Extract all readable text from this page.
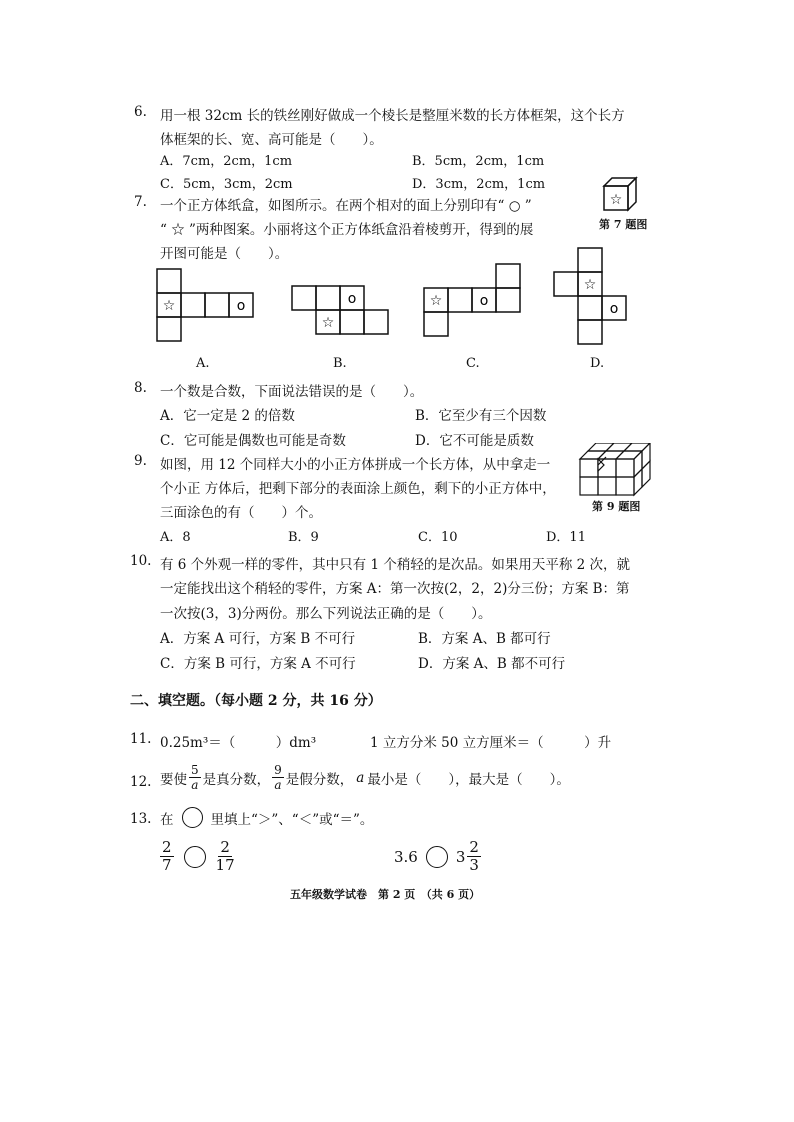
6. 用一根 32cm 长的铁丝刚好做成一个棱长是整厘米数的长方体框架，这个长方
体框架的长、宽、高可能是（　　）。
A．7cm，2cm，1cm	B．5cm，2cm，1cm
C．5cm，3cm，2cm	D．3cm，2cm，1cm
7. 一个正方体纸盒，如图所示。在两个相对的面上分别印有“ ○ ”
“ ☆ ”两种图案。小丽将这个正方体纸盒沿着棱剪开，得到的展
开图可能是（　　）。
☆
第 7 题图
☆	o
A.
o
☆
B.
☆	o
C.
☆
o
D.
8. 一个数是合数，下面说法错误的是（　　）。
A．它一定是 2 的倍数	B．它至少有三个因数
C．它可能是偶数也可能是奇数	D．它不可能是质数
9. 如图，用 12 个同样大小的小正方体拼成一个长方体，从中拿走一
个小正 方体后，把剩下部分的表面涂上颜色，剩下的小正方体中，
三面涂色的有（　　）个。	第 9 题图
A．8	B．9	C．10	D．11
10. 有 6 个外观一样的零件，其中只有 1 个稍轻的是次品。如果用天平称 2 次，就
一定能找出这个稍轻的零件，方案 A：第一次按(2，2，2)分三份；方案 B：第
一次按(3，3)分两份。那么下列说法正确的是（　　）。
A．方案 A 可行，方案 B 不可行	B．方案 A、B 都可行
C．方案 B 可行，方案 A 不可行	D．方案 A、B 都不可行
二、填空题。（每小题 2 分，共 16 分）
11. 0.25m³＝（　　　）dm³	1 立方分米 50 立方厘米＝（　　　）升
12. 要使 $\frac{5}{a}$ 是真分数， $\frac{9}{a}$ 是假分数， a 最小是（　　），最大是（　　）。
13. 在	里填上“＞”、“＜”或“＝”。
$\frac{2}{7}$	$\frac{2}{17}$	3.6	$3 \frac{2}{3}$
五年级数学试卷　第 2 页　（共 6 页）
